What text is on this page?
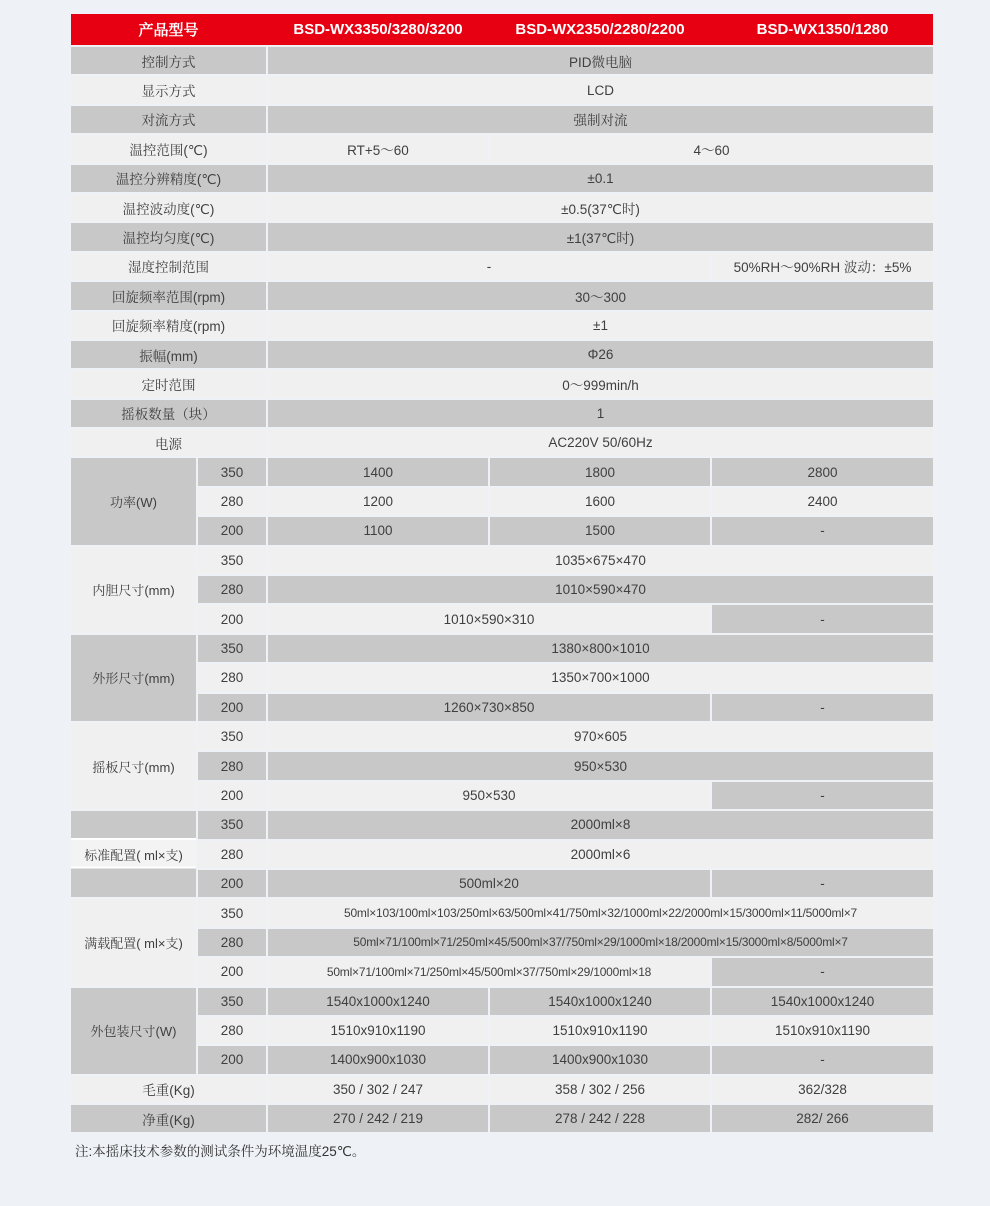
产品型号	BSD-WX3350/3280/3200	BSD-WX2350/2280/2200	BSD-WX1350/1280
控制方式	PID微电脑
显示方式	LCD
对流方式	强制对流
温控范围(℃)	RT+5～60	4～60
温控分辨精度(℃)	±0.1
温控波动度(℃)	±0.5(37℃时)
温控均匀度(℃)	±1(37℃时)
湿度控制范围	-	50%RH～90%RH 波动：±5%
回旋频率范围(rpm)	30～300
回旋频率精度(rpm)	±1
振幅(mm)	Φ26
定时范围	0～999min/h
摇板数量（块）	1
电源	AC220V 50/60Hz
功率(W)
350	1400	1800	2800
280	1200	1600	2400
200	1100	1500	-
内胆尺寸(mm)
350	1035×675×470
280	1010×590×470
200	1010×590×310	-
外形尺寸(mm)
350	1380×800×1010
280	1350×700×1000
200	1260×730×850	-
摇板尺寸(mm)
350	970×605
280	950×530
200	950×530	-
标准配置( ml×支)
350	2000ml×8
280	2000ml×6
200	500ml×20	-
满载配置( ml×支)
350	50ml×103/100ml×103/250ml×63/500ml×41/750ml×32/1000ml×22/2000ml×15/3000ml×11/5000ml×7
280	50ml×71/100ml×71/250ml×45/500ml×37/750ml×29/1000ml×18/2000ml×15/3000ml×8/5000ml×7
200	50ml×71/100ml×71/250ml×45/500ml×37/750ml×29/1000ml×18	-
外包装尺寸(W)
350	1540x1000x1240	1540x1000x1240	1540x1000x1240
280	1510x910x1190	1510x910x1190	1510x910x1190
200	1400x900x1030	1400x900x1030	-
毛重(Kg)	350 / 302 / 247	358 / 302 / 256	362/328
净重(Kg)	270 / 242 / 219	278 / 242 / 228	282/ 266
注:本摇床技术参数的测试条件为环境温度25℃。
